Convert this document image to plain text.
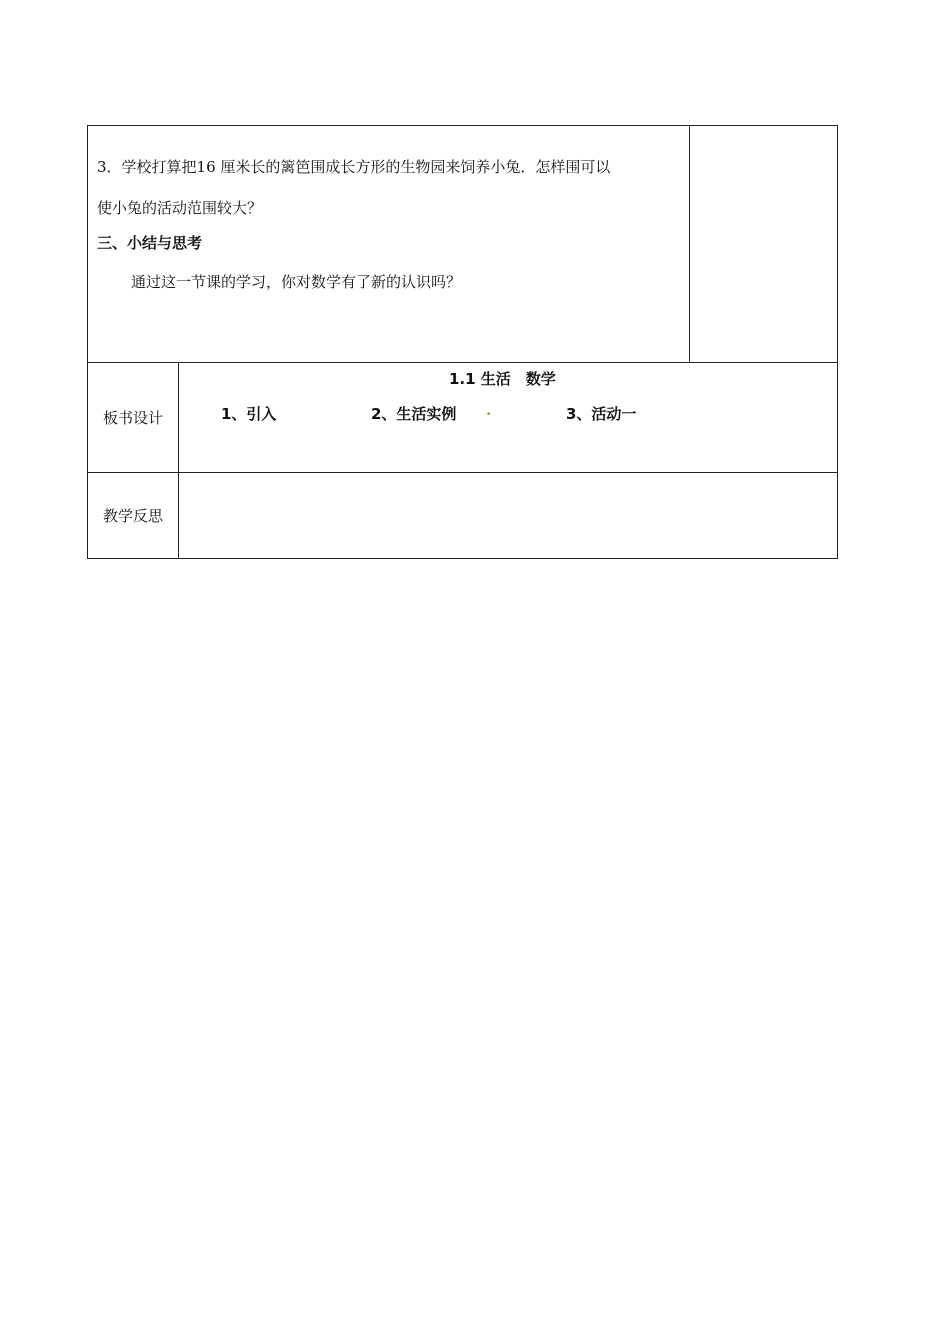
3．学校打算把16 厘米长的篱笆围成长方形的生物园来饲养小兔．怎样围可以
使小兔的活动范围较大？
三、小结与思考
通过这一节课的学习，你对数学有了新的认识吗？		

板书设计	1.1 生活　数学
1、引入 2、生活实例 . 3、活动一	

教学反思		
